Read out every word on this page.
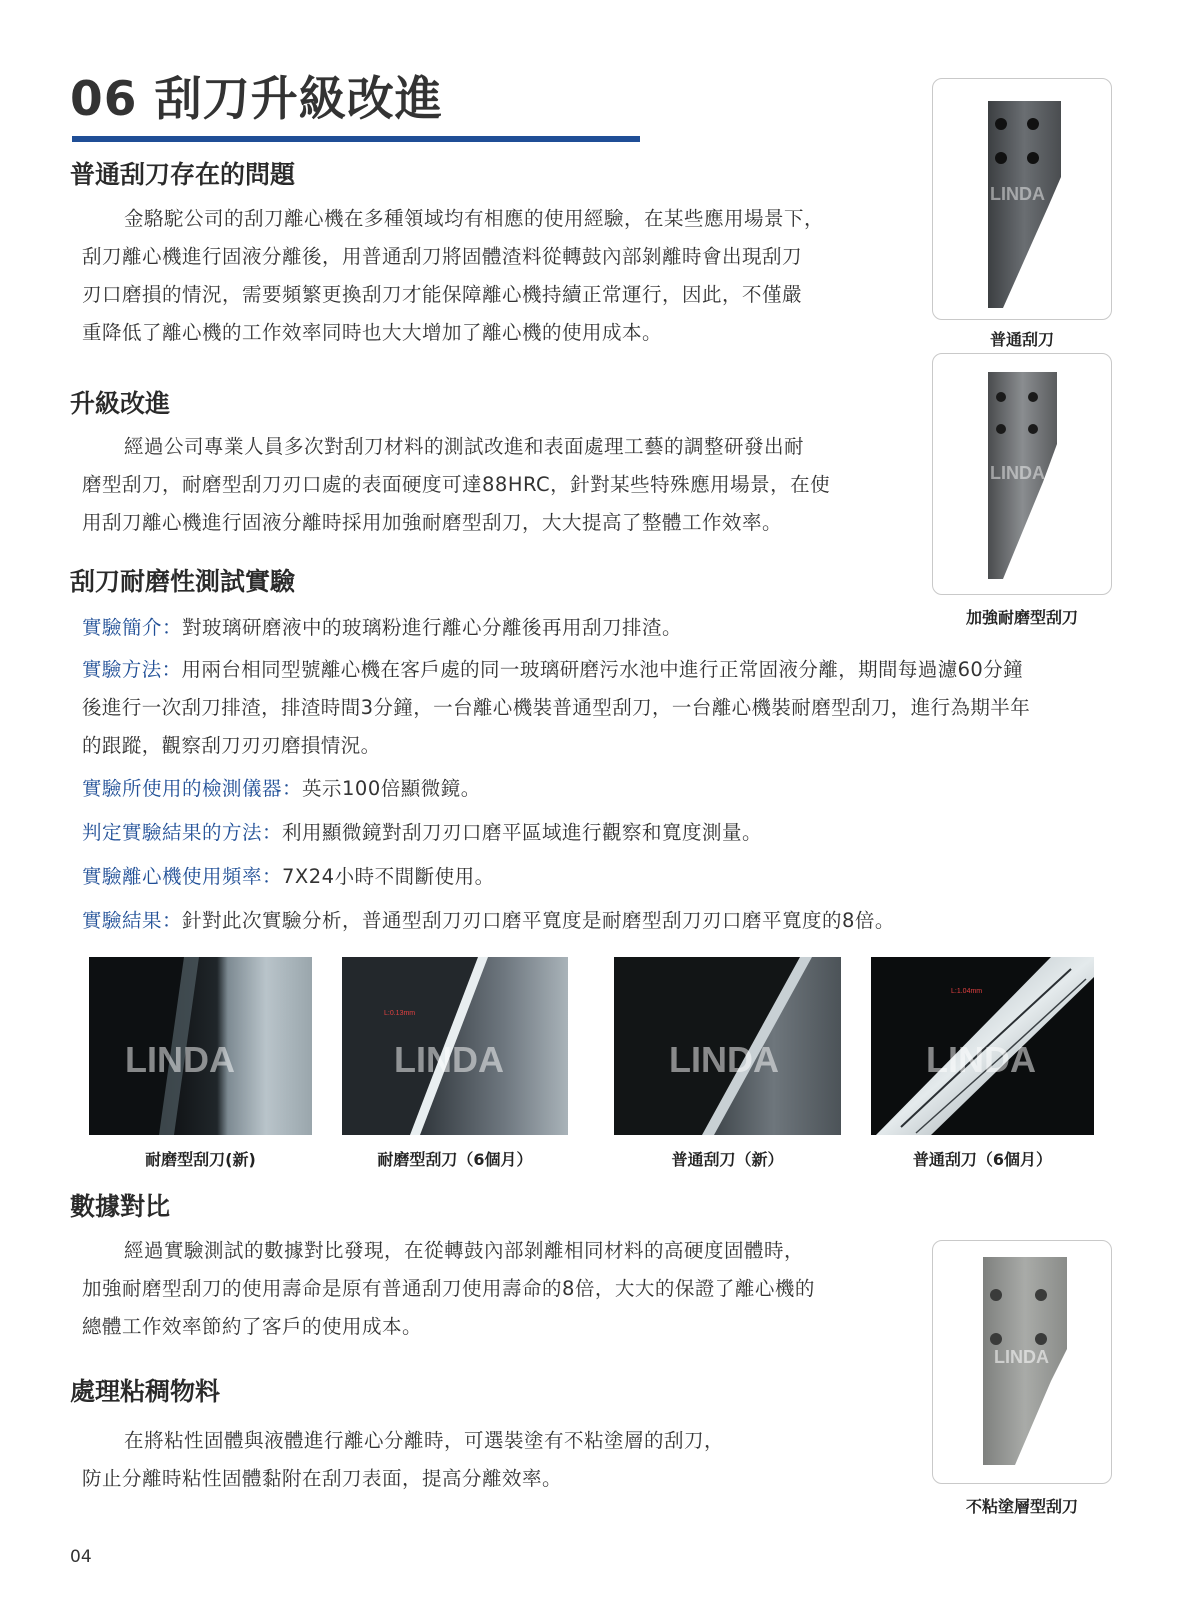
06 刮刀升級改進
普通刮刀存在的問題
金駱駝公司的刮刀離心機在多種領域均有相應的使用經驗，在某些應用場景下，
刮刀離心機進行固液分離後，用普通刮刀將固體渣料從轉鼓內部剝離時會出現刮刀
刃口磨損的情況，需要頻繁更換刮刀才能保障離心機持續正常運行，因此，不僅嚴
重降低了離心機的工作效率同時也大大增加了離心機的使用成本。
升級改進
經過公司專業人員多次對刮刀材料的測試改進和表面處理工藝的調整研發出耐
磨型刮刀，耐磨型刮刀刃口處的表面硬度可達88HRC，針對某些特殊應用場景，在使
用刮刀離心機進行固液分離時採用加強耐磨型刮刀，大大提高了整體工作效率。
刮刀耐磨性測試實驗
實驗簡介：對玻璃研磨液中的玻璃粉進行離心分離後再用刮刀排渣。
實驗方法：用兩台相同型號離心機在客戶處的同一玻璃研磨污水池中進行正常固液分離，期間每過濾60分鐘
後進行一次刮刀排渣，排渣時間3分鐘，一台離心機裝普通型刮刀，一台離心機裝耐磨型刮刀，進行為期半年
的跟蹤，觀察刮刀刃刃磨損情況。
實驗所使用的檢測儀器：英示100倍顯微鏡。
判定實驗結果的方法：利用顯微鏡對刮刀刃口磨平區域進行觀察和寬度測量。
實驗離心機使用頻率：7X24小時不間斷使用。
實驗結果：針對此次實驗分析，普通型刮刀刃口磨平寬度是耐磨型刮刀刃口磨平寬度的8倍。
LINDA
L:0.13mm
LINDA	LINDA
L:1.04mm
LINDA
耐磨型刮刀(新)	耐磨型刮刀（6個月）	普通刮刀（新）	普通刮刀（6個月）
數據對比
經過實驗測試的數據對比發現，在從轉鼓內部剝離相同材料的高硬度固體時，
加強耐磨型刮刀的使用壽命是原有普通刮刀使用壽命的8倍，大大的保證了離心機的
總體工作效率節約了客戶的使用成本。
處理粘稠物料
在將粘性固體與液體進行離心分離時，可選裝塗有不粘塗層的刮刀，
防止分離時粘性固體黏附在刮刀表面，提高分離效率。
LINDA
普通刮刀
LINDA
加強耐磨型刮刀
LINDA
不粘塗層型刮刀
04
